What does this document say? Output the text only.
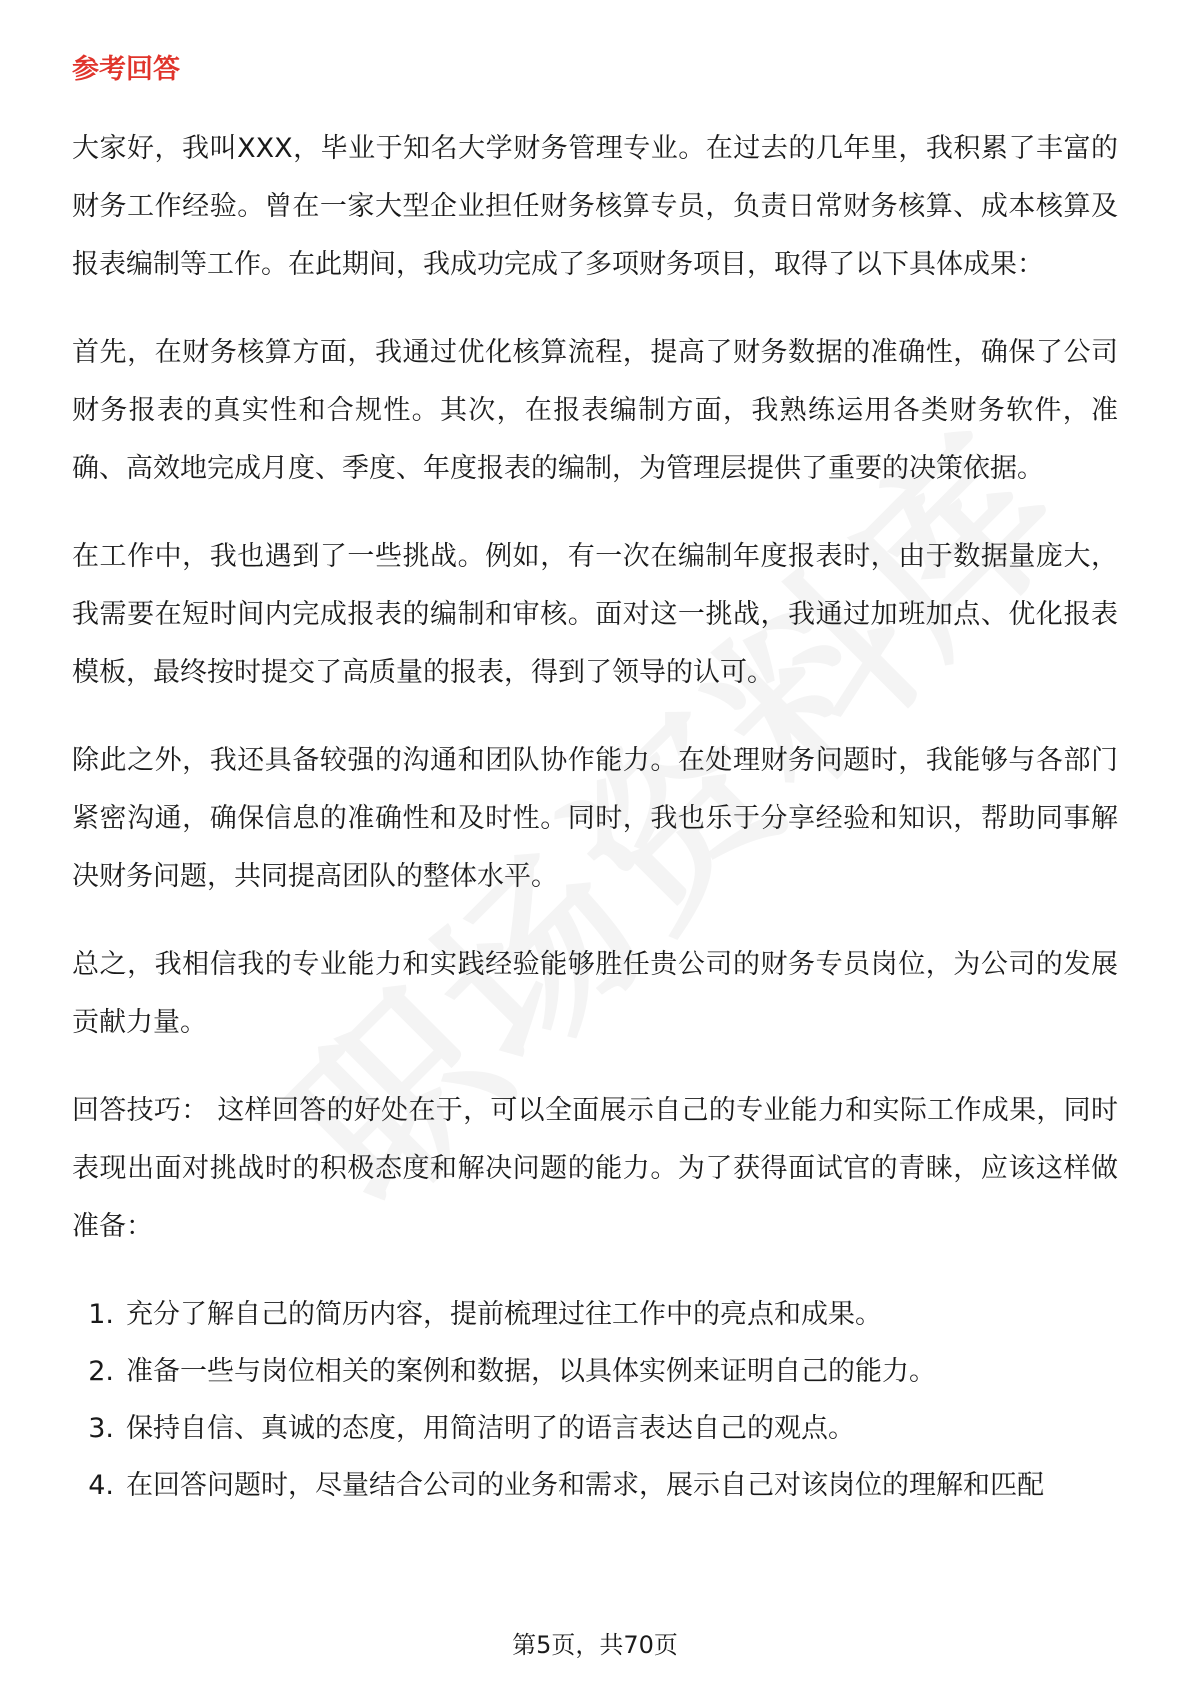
参考回答

大家好，我叫XXX，毕业于知名大学财务管理专业。在过去的几年里，我积累了丰富的财务工作经验。曾在一家大型企业担任财务核算专员，负责日常财务核算、成本核算及报表编制等工作。在此期间，我成功完成了多项财务项目，取得了以下具体成果：

首先，在财务核算方面，我通过优化核算流程，提高了财务数据的准确性，确保了公司财务报表的真实性和合规性。其次，在报表编制方面，我熟练运用各类财务软件，准确、高效地完成月度、季度、年度报表的编制，为管理层提供了重要的决策依据。

在工作中，我也遇到了一些挑战。例如，有一次在编制年度报表时，由于数据量庞大，我需要在短时间内完成报表的编制和审核。面对这一挑战，我通过加班加点、优化报表模板，最终按时提交了高质量的报表，得到了领导的认可。

除此之外，我还具备较强的沟通和团队协作能力。在处理财务问题时，我能够与各部门紧密沟通，确保信息的准确性和及时性。同时，我也乐于分享经验和知识，帮助同事解决财务问题，共同提高团队的整体水平。

总之，我相信我的专业能力和实践经验能够胜任贵公司的财务专员岗位，为公司的发展贡献力量。

回答技巧： 这样回答的好处在于，可以全面展示自己的专业能力和实际工作成果，同时表现出面对挑战时的积极态度和解决问题的能力。为了获得面试官的青睐，应该这样做准备：

1. 充分了解自己的简历内容，提前梳理过往工作中的亮点和成果。
2. 准备一些与岗位相关的案例和数据，以具体实例来证明自己的能力。
3. 保持自信、真诚的态度，用简洁明了的语言表达自己的观点。
4. 在回答问题时，尽量结合公司的业务和需求，展示自己对该岗位的理解和匹配
第5页，共70页
